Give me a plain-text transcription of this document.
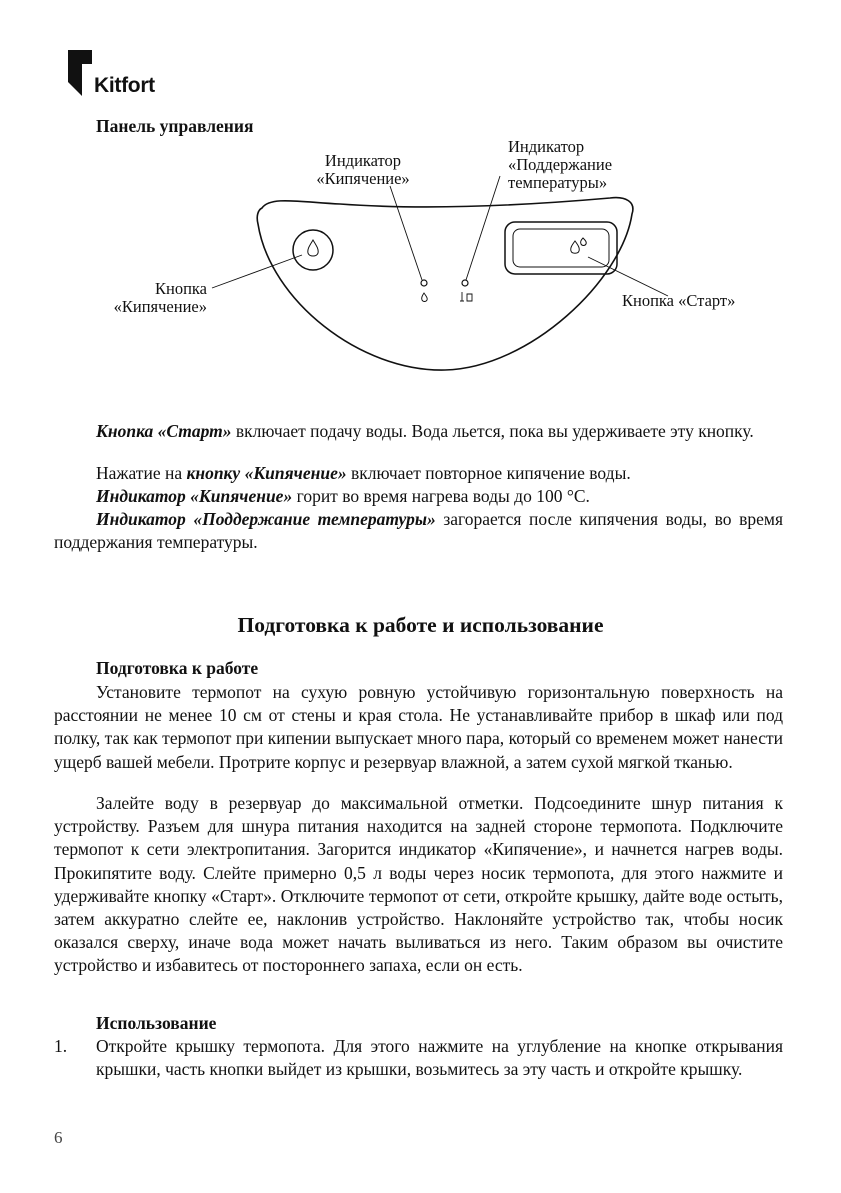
Kitfort
Панель управления
Индикатор
«Кипячение»
Индикатор
«Поддержание
температуры»
Кнопка
«Кипячение»	Кнопка «Старт»

Кнопка «Старт» включает подачу воды. Вода льется, пока вы удерживаете эту кнопку.

Нажатие на кнопку «Кипячение» включает повторное кипячение воды.

Индикатор «Кипячение» горит во время нагрева воды до 100 °С.

Индикатор «Поддержание температуры» загорается после кипячения воды, во время поддержания температуры.

Подготовка к работе и использование
Подготовка к работе

Установите термопот на сухую ровную устойчивую горизонтальную поверхность на расстоянии не менее 10 см от стены и края стола. Не устанавливайте прибор в шкаф или под полку, так как термопот при кипении выпускает много пара, который со временем может нанести ущерб вашей мебели. Протрите корпус и резервуар влажной, а затем сухой мягкой тканью.

Залейте воду в резервуар до максимальной отметки. Подсоедините шнур питания к устройству. Разъем для шнура питания находится на задней стороне термопота. Подключите термопот к сети электропитания. Загорится индикатор «Кипячение», и начнется нагрев воды. Прокипятите воду. Слейте примерно 0,5 л воды через носик термопота, для этого нажмите и удерживайте кнопку «Старт». Отключите термопот от сети, откройте крышку, дайте воде остыть, затем аккуратно слейте ее, наклонив устройство. Наклоняйте устройство так, чтобы носик оказался сверху, иначе вода может начать выливаться из него. Таким образом вы очистите устройство и избавитесь от постороннего запаха, если он есть.

Использование
1. Откройте крышку термопота. Для этого нажмите на углубление на кнопке открывания крышки, часть кнопки выйдет из крышки, возьмитесь за эту часть и откройте крышку.
6
